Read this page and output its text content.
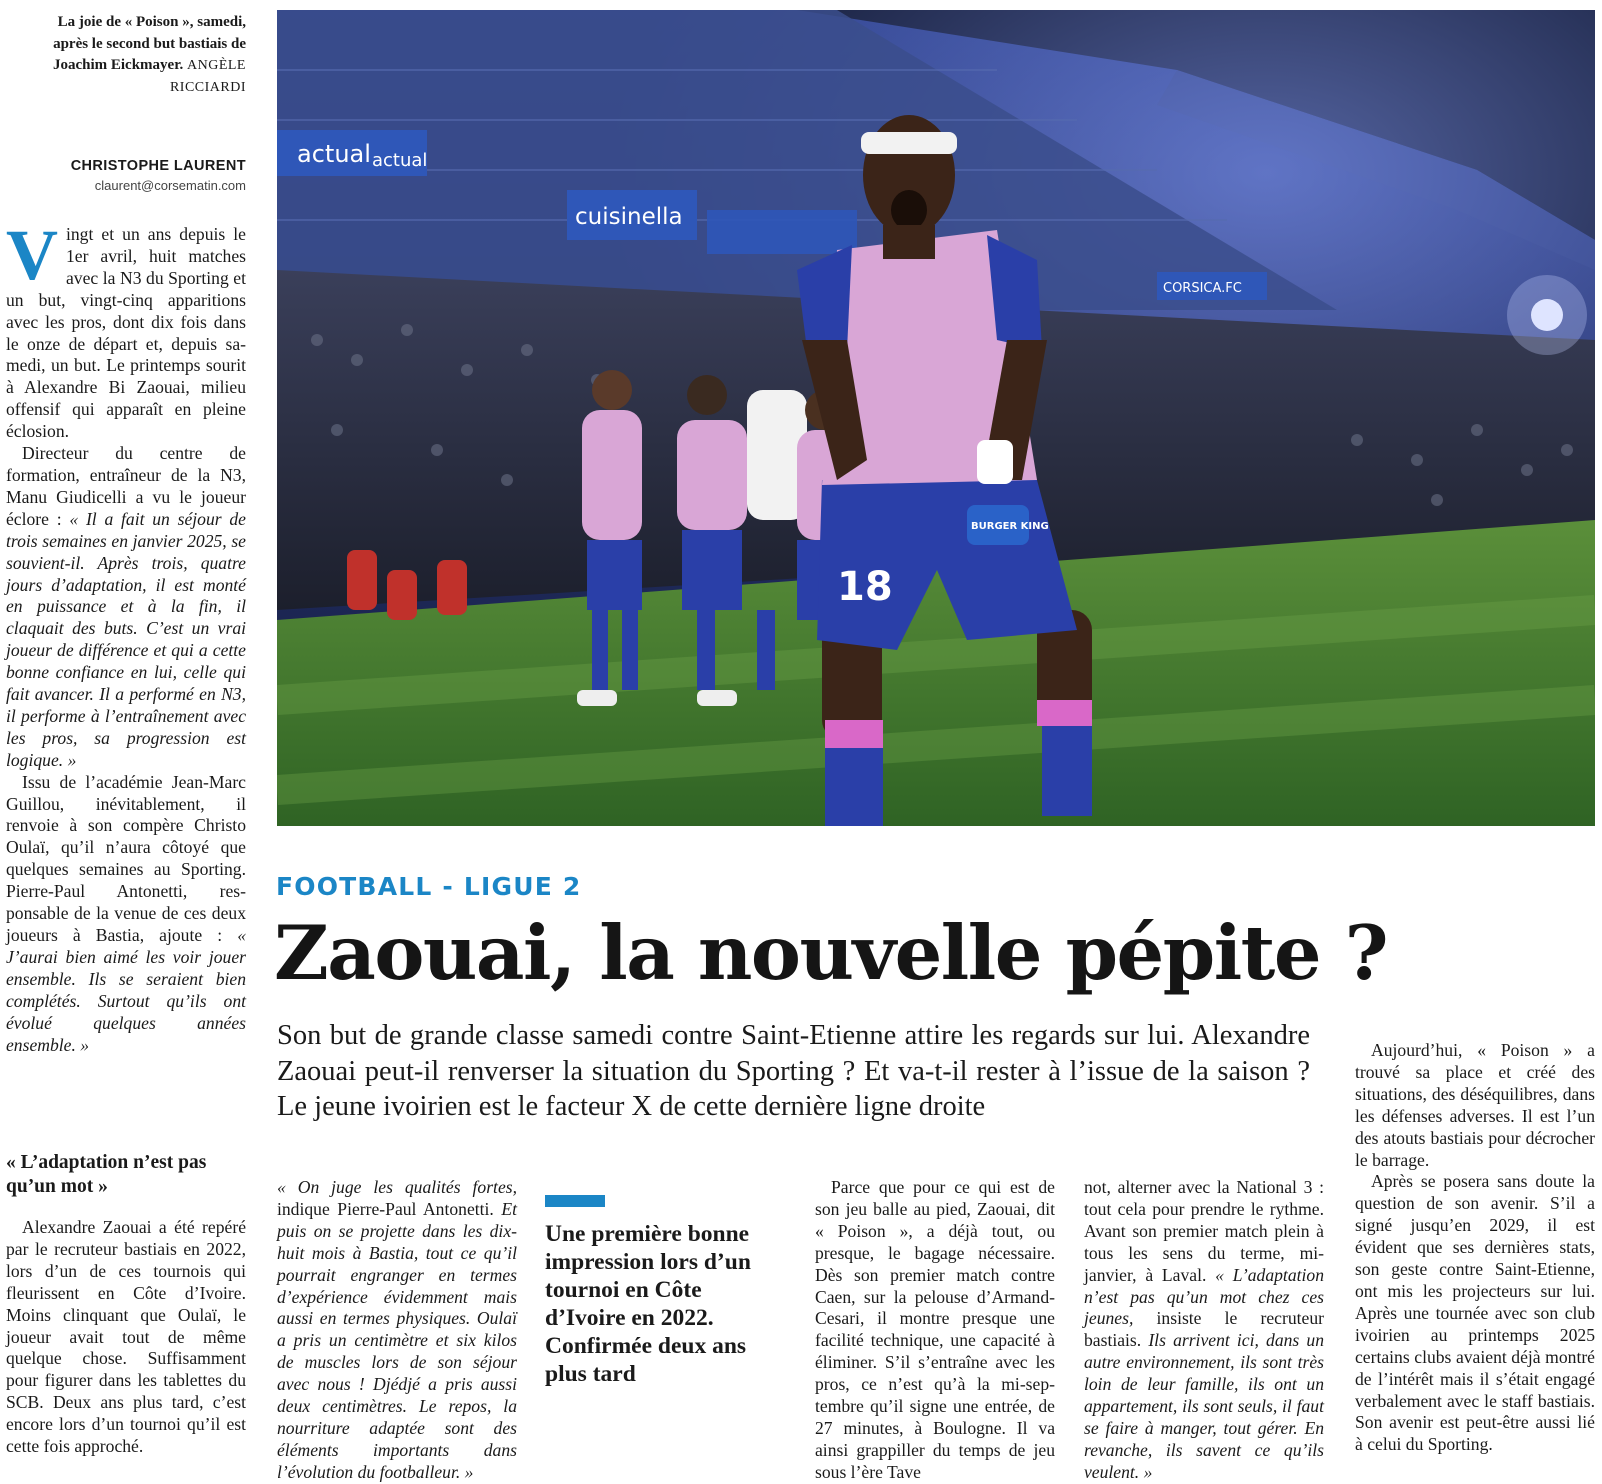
La joie de « Poison », samedi, après le second but bastiais de Joachim Eickmayer. ANGÈLE RICCIARDI
CHRISTOPHE LAURENT
claurent@corsematin.com

Vingt et un ans depuis le 1er avril, huit matches avec la N3 du Sporting et un but, vingt-cinq apparitions avec les pros, dont dix fois dans le onze de départ et, depuis samedi, un but. Le printemps sourit à Alexandre Bi Zaouai, milieu offensif qui apparaît en pleine éclosion.

Directeur du centre de formation, entraîneur de la N3, Manu Giudicelli a vu le joueur éclore : « Il a fait un séjour de trois semaines en janvier 2025, se souvient-il. Après trois, quatre jours d’adaptation, il est monté en puissance et à la fin, il claquait des buts. C’est un vrai joueur de différence et qui a cette bonne confiance en lui, celle qui fait avancer. Il a performé en N3, il performe à l’entraînement avec les pros, sa progression est logique. »

Issu de l’académie Jean-Marc Guillou, inévitablement, il renvoie à son compère Christo Oulaï, qu’il n’aura côtoyé que quelques semaines au Sporting. Pierre-Paul Antonetti, responsable de la venue de ces deux joueurs à Bastia, ajoute : « J’aurai bien aimé les voir jouer ensemble. Ils se seraient bien complétés. Surtout qu’ils ont évolué quelques années ensemble. »

« L’adaptation n’est pas qu’un mot »

Alexandre Zaouai a été repéré par le recruteur bastiais en 2022, lors d’un de ces tournois qui fleurissent en Côte d’Ivoire. Moins clinquant que Oulaï, le joueur avait tout de même quelque chose. Suffisamment pour figurer dans les tablettes du SCB. Deux ans plus tard, c’est encore lors d’un tournoi qu’il est cette fois approché.

actual actual
cuisinella
CORSICA.FC
18
BURGER KING
FOOTBALL - LIGUE 2
Zaouai, la nouvelle pépite ?
Son but de grande classe samedi contre Saint-Etienne attire les regards sur lui. Alexandre Zaouai peut-il renverser la situation du Sporting ? Et va-t-il rester à l’issue de la saison ? Le jeune ivoirien est le facteur X de cette dernière ligne droite

« On juge les qualités fortes, indique Pierre-Paul Antonetti. Et puis on se projette dans les dix-huit mois à Bastia, tout ce qu’il pourrait engranger en termes d’expérience évidemment mais aussi en termes physiques. Oulaï a pris un centimètre et six kilos de muscles lors de son séjour avec nous ! Djédjé a pris aussi deux centimètres. Le repos, la nourriture adaptée sont des éléments importants dans l’évolution du footballeur. »

Une première bonne impression lors d’un tournoi en Côte d’Ivoire en 2022. Confirmée deux ans plus tard

Parce que pour ce qui est de son jeu balle au pied, Zaouai, dit « Poison », a déjà tout, ou presque, le bagage nécessaire. Dès son premier match contre Caen, sur la pelouse d’Armand-Cesari, il montre presque une facilité technique, une capacité à éliminer. S’il s’entraîne avec les pros, ce n’est qu’à la mi-septembre qu’il signe une entrée, de 27 minutes, à Boulogne. Il va ainsi grappiller du temps de jeu sous l’ère Tave

not, alterner avec la National 3 : tout cela pour prendre le rythme. Avant son premier match plein à tous les sens du terme, mi-janvier, à Laval. « L’adaptation n’est pas qu’un mot chez ces jeunes, insiste le recruteur bastiais. Ils arrivent ici, dans un autre environnement, ils sont très loin de leur famille, ils ont un appartement, ils sont seuls, il faut se faire à manger, tout gérer. En revanche, ils savent ce qu’ils veulent. »

Aujourd’hui, « Poison » a trouvé sa place et créé des situations, des déséquilibres, dans les défenses adverses. Il est l’un des atouts bastiais pour décrocher le barrage.

Après se posera sans doute la question de son avenir. S’il a signé jusqu’en 2029, il est évident que ses dernières stats, son geste contre Saint-Etienne, ont mis les projecteurs sur lui. Après une tournée avec son club ivoirien au printemps 2025 certains clubs avaient déjà montré de l’intérêt mais il s’était engagé verbalement avec le staff bastiais. Son avenir est peut-être aussi lié à celui du Sporting.
